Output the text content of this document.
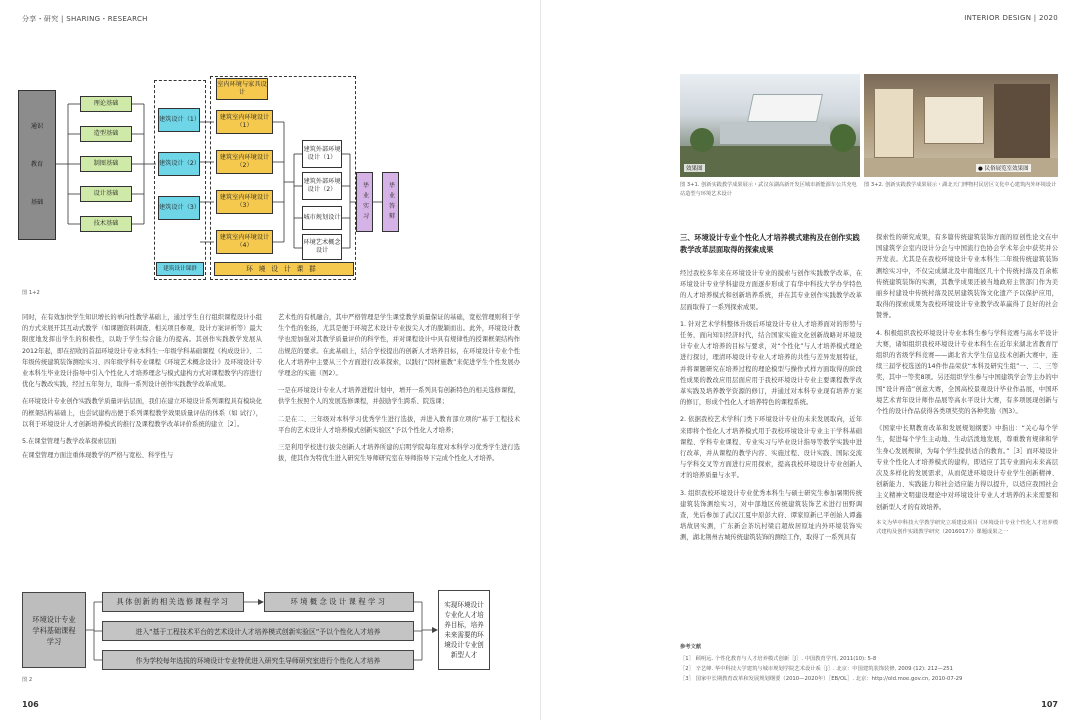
分享・研究 | SHARING・RESEARCH	INTERIOR DESIGN | 2020
通识

教育

基础
理论基础
造型基础
制图基础
设计基础
技术基础
建筑设计（1）
建筑设计（2）
建筑设计（3）
建筑设计课群
室内环境与家具设计
建筑室内环境设计（1）
建筑室内环境设计（2）
建筑室内环境设计（3）
建筑室内环境设计（4）
建筑外部环境设计（1）
建筑外部环境设计（2）
城市规划设计
环境艺术概念设计
毕业实习	毕业答辩
环境设计课群
图 1+2

同时，在有效加快学生知识增长的单向性教学基础上，通过学生自行组织课程设计小组的方式来展开其互动式教学（如课题资料调查、相关项目参观、设计方案评析等）最大限度地发挥出学生的积极性，以助于学生综合能力的提高。其创作实践教学发展从2012年起，即在招收的首届环境设计专业本科生一年级学科基础课程《构成设计》、二年级传统建筑装饰测绘实习、四年级学科专业课程《环境艺术概念设计》及环境设计专业本科生毕业设计指导中引入个性化人才培养理念与模式建构方式对课程教学内容进行优化与教改实践，经过五年努力，取得一系列设计创作实践教学改革成果。

在环境设计专业创作实践教学质量评估层面，我们在建立环境设计系列课程具有模块化的框架结构基础上，也尝试建构出便于系列课程教学效果质量评估的体系（如 试行），以利于环境设计人才创新培养模式的推行及课程教学改革评价系统的建立［2］。

5.在课堂管理与教学改革探索层面

在课堂管理方面注重体现教学的严格与宽松、科学性与

艺术性的有机融合，其中严格管理是学生课堂教学质量保证的基础，宽松管理则利于学生个性的张扬，尤其是便于环境艺术设计专业拔尖人才的脱颖而出。此外，环境设计教学也需加强对其教学质量评价的科学性，并对课程设计中具有规律性的授课框架结构作出规范的要求。在此基础上，结合学校提出的创新人才培养目标，在环境设计专业个性化人才培养中主要从三个方面进行改革探索，以践行“因材施教”来促进学生个性发展办学理念的实施（图2）。

一是在环境设计专业人才培养进程计划中，增开一系列具有创新特色的相关选修课程，供学生按照个人的发展选修课程，并鼓励学生跨系、院选课；

二是在二、三年级对本科学习优秀学生进行选拔，并进入教育部立项的“基于工程技术平台的艺术设计人才培养模式创新实验区”予以个性化人才培养；

三是利用学校进行拔尖创新人才培养所建的启明学院每年度对本科学习优秀学生进行选拔，使其作为特优生进入研究生导师研究室在导师指导下完成个性化人才培养。

环境设计专业学科基础课程学习
具体创新的相关选修课程学习	环境概念设计课程学习
进入“基于工程技术平台的艺术设计人才培养模式创新实验区”予以个性化人才培养
作为学校每年选拔的环境设计专业特优进入研究生导师研究室进行个性化人才培养
实现环境设计专业化人才培养目标，培养未来需要的环境设计专业创新型人才
图 2
106
效果图	● 民俗展览室效果图
图 3+1. 创新实践教学成果展示・武汉东湖高新开发区城市新能源车公共充电站造型与环境艺术设计
图 3+2. 创新实践教学成果展示・湖北天门博物村民居区文化中心建筑内外环境设计
三、环境设计专业个性化人才培养模式建构及在创作实践教学改革层面取得的探索成果

经过我校多年来在环境设计专业的摸索与创作实践教学改革，在环境设计专业学科建设方面逐步形成了有华中科技大学办学特色的人才培养模式和创新培养系统，并在其专业创作实践教学改革层面取得了一系列探索成果。

1. 针对艺术学科整体升级后环境设计专业人才培养面对的形势与任务，面向知识经济时代，结合国家实施文化创新战略对环境设计专业人才培养的目标与要求，对“个性化”与人才培养模式理论进行探讨，理清环境设计专业人才培养的共性与差异发展特征，并将课题研究在培养过程的理论模型与操作式样方面取得的阶段性成果的教改应用层面应用于我校环境设计专业主要课程教学改革实践及培养教学资源的修订，并通过对本科专业现有培养方案的修订，形成个性化人才培养特色的课程系统。

2. 依据我校艺术学科门类下环境设计专业的未来发展取向，近年来即将个性化人才培养模式用于我校环境设计专业主干学科基础课程、学科专业课程、专业实习与毕业设计指导等教学实践中进行改革，并从课程的教学内容、实施过程、设计实践、国际交流与学科交叉等方面进行应用探索，提高我校环境设计专业创新人才的培养质量与水平。

3. 组织我校环境设计专业优秀本科生与硕士研究生参加暑期传统建筑装饰测绘实习，对中部地区传统建筑装饰艺术进行田野调查，先后参加了武汉江夏中原彭大府、谭家原新已平创始人谭鑫培故居实测，广东新会茶坑村梁启超故居原址内外环境装饰实测，湖北荆州古城传统建筑装饰的测绘工作，取得了一系列具有

探索性的研究成果，有多篇传统建筑装饰方面的原创性论文在中国建筑学会室内设计分会与中国流行色协会学术年会中获奖并公开发表。尤其是在我校环境设计专业本科生二年级传统建筑装饰测绘实习中，不仅完成湖北及中南地区几十个传统村落及百余栋传统建筑装饰的实测，其教学成果还被当地政府主管部门作为美丽乡村建设中传统村落及民居建筑装饰文化遗产予以保护应用，取得的探索成果为我校环境设计专业教学改革赢得了良好的社会赞誉。

4. 积极组织我校环境设计专业本科生参与学科竞赛与高水平设计大赛，诸如组织我校环境设计专业本科生在近年来湖北省教育厅组织的省级学科竞赛——湖北省大学生信息技术创新大赛中，连续三届学校选送的14件作品荣获“本科及研究生组”一、二、三等奖，其中一等奖8项。另还组织学生参与中国建筑学会等主办的中国“设计再造”创意大赛，全国高校景观设计毕业作品展，中国环境艺术青年设计师作品展等高水平设计大赛，有多项展现创新与个性的设计作品获得各类项奖奖的各种奖励（图3）。

《国家中长期教育改革和发展规划纲要》中指出：“关心每个学生，促进每个学生主动地、生动活泼地发展，尊重教育规律和学生身心发展规律，为每个学生提供适合的教育。”［3］而环境设计专业个性化人才培养模式的建构，即适应了其专业面向未来高层次及多样化的发展需求，从而促进环境设计专业学生创新精神、创新能力、实践能力和社会适应能力得以提升，以适应我国社会主义精神文明建设理论中对环境设计专业人才培养的未来需要和创新型人才的有效培养。

本文为华中科技大学教学研究立项建设项目《环境设计专业个性化人才培养模式建构及创作实践教学研究（2016017）》课题成果之一

参考文献
［1］ 顾明远. 个性化教育与人才培养模式创新［J］. 中国教育学刊, 2011(10): 5-8
［2］ 辛艺峰. 华中科技大学建筑与城市规划学院艺术设计系［J］. 北京：中国建筑装饰装修, 2009 (12): 212—251
［3］ 国家中长期教育改革和发展规划纲要（2010—2020年）［EB/OL］. 北京：http://old.moe.gov.cn, 2010-07-29
107
